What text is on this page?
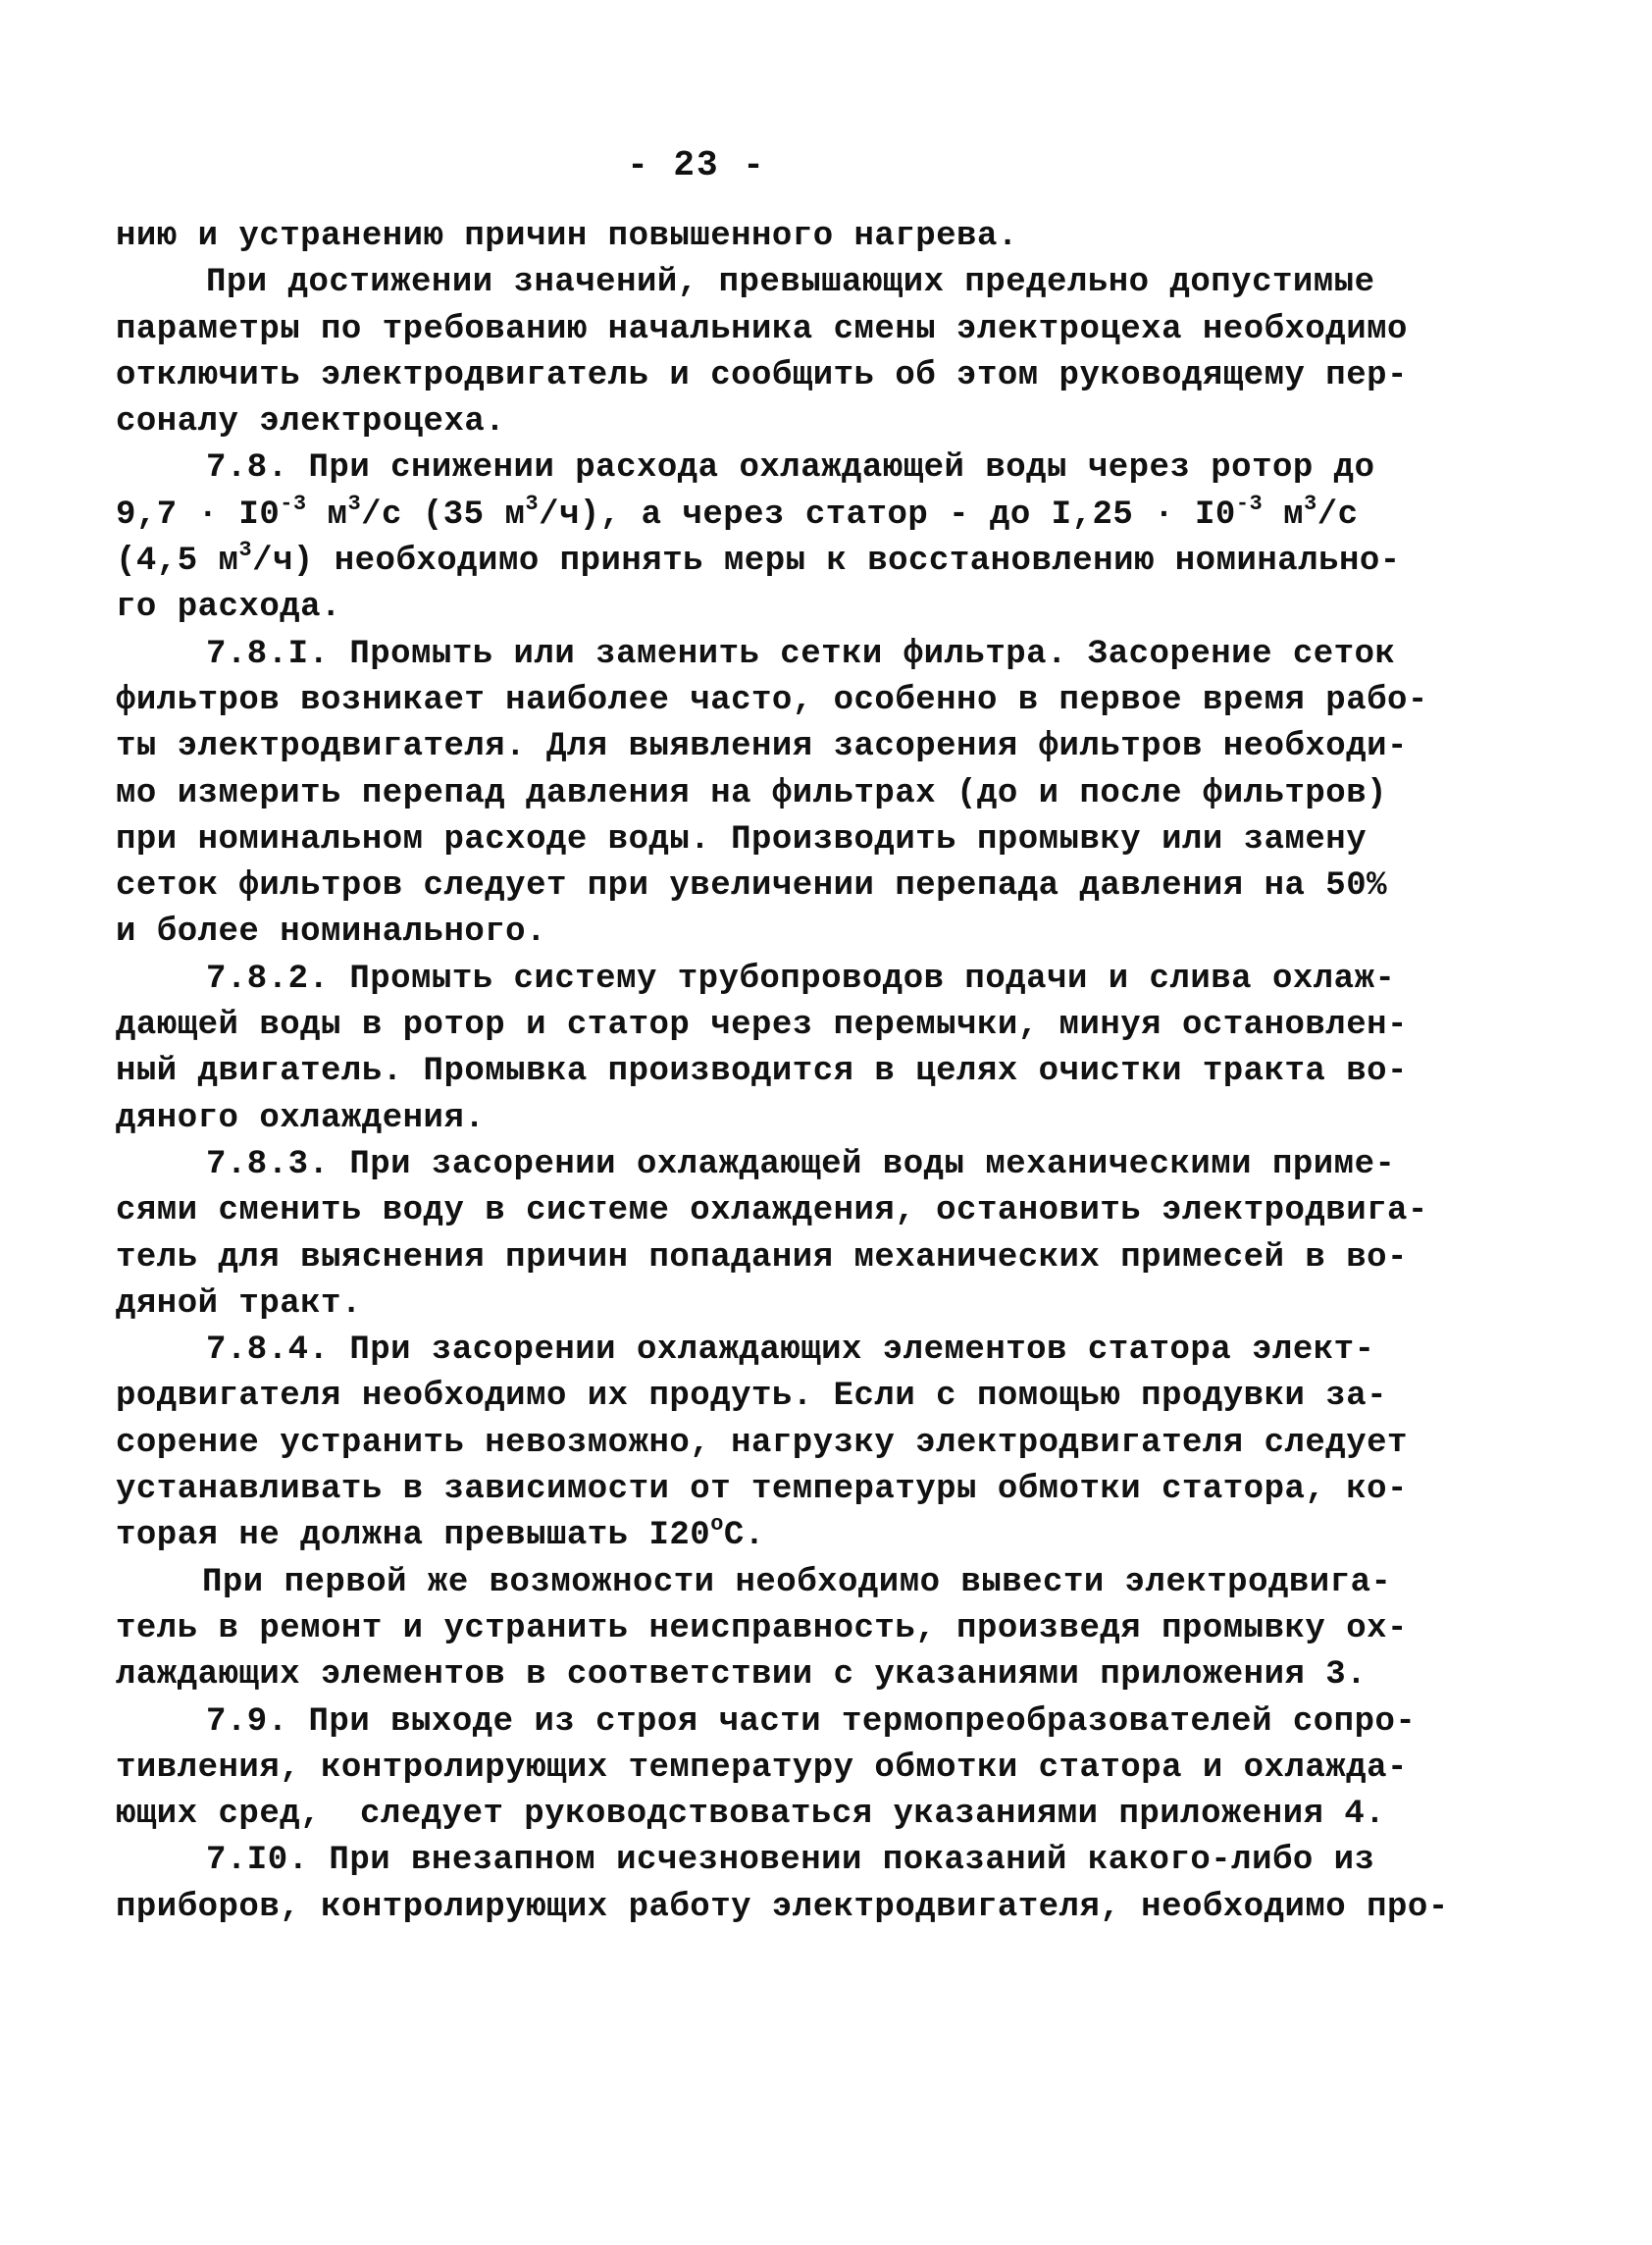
- 23 -
нию и устранению причин повышенного нагрева.
При достижении значений, превышающих предельно допустимые
параметры по требованию начальника смены электроцеха необходимо
отключить электродвигатель и сообщить об этом руководящему пер-
соналу электроцеха.
7.8. При снижении расхода охлаждающей воды через ротор до
$9,7 \cdot I0^{-3}$ $м^3/с$ (35 $м^3/ч$), а через статор - до $I,25 \cdot I0^{-3}$ $м^3/с$
(4,5 $м^3/ч$) необходимо принять меры к восстановлению номинально-
го расхода.
7.8.I. Промыть или заменить сетки фильтра. Засорение сеток
фильтров возникает наиболее часто, особенно в первое время рабо-
ты электродвигателя. Для выявления засорения фильтров необходи-
мо измерить перепад давления на фильтрах (до и после фильтров)
при номинальном расходе воды. Производить промывку или замену
сеток фильтров следует при увеличении перепада давления на 50%
и более номинального.
7.8.2. Промыть систему трубопроводов подачи и слива охлаж-
дающей воды в ротор и статор через перемычки, минуя остановлен-
ный двигатель. Промывка производится в целях очистки тракта во-
дяного охлаждения.
7.8.3. При засорении охлаждающей воды механическими приме-
сями сменить воду в системе охлаждения, остановить электродвига-
тель для выяснения причин попадания механических примесей в во-
дяной тракт.
7.8.4. При засорении охлаждающих элементов статора элект-
родвигателя необходимо их продуть. Если с помощью продувки за-
сорение устранить невозможно, нагрузку электродвигателя следует
устанавливать в зависимости от температуры обмотки статора, ко-
торая не должна превышать I20$^o$C.
При первой же возможности необходимо вывести электродвига-
тель в ремонт и устранить неисправность, произведя промывку ох-
лаждающих элементов в соответствии с указаниями приложения 3.
7.9. При выходе из строя части термопреобразователей сопро-
тивления, контролирующих температуру обмотки статора и охлажда-
ющих сред, следует руководствоваться указаниями приложения 4.
7.I0. При внезапном исчезновении показаний какого-либо из
приборов, контролирующих работу электродвигателя, необходимо про-
